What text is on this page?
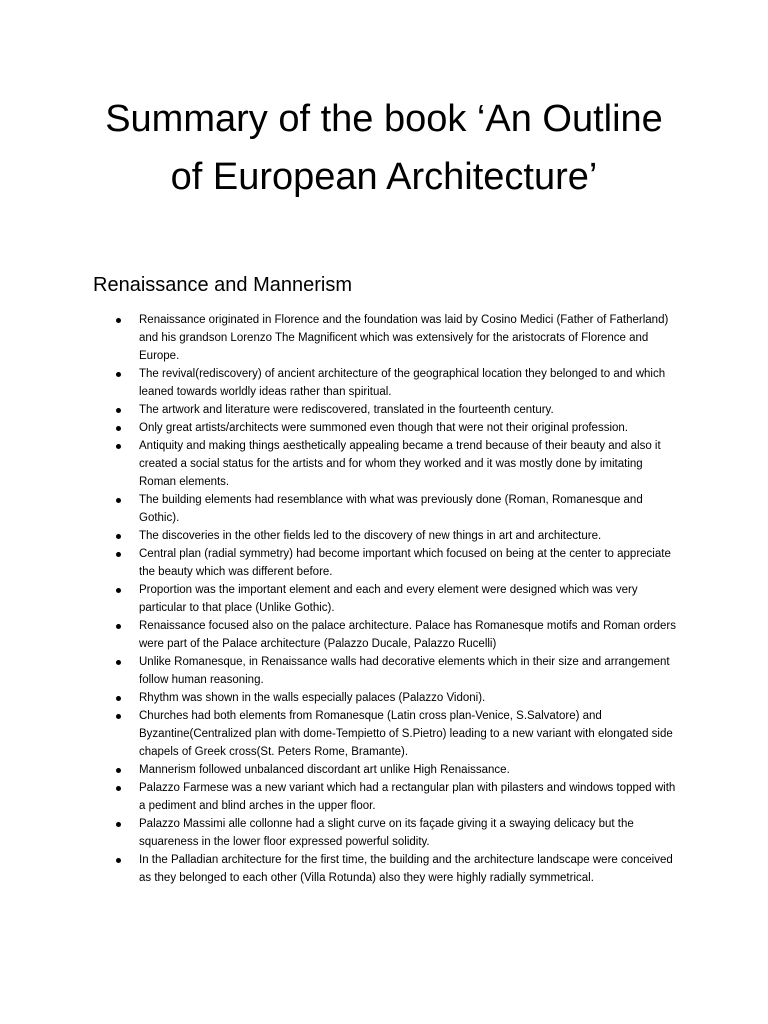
Summary of the book ‘An Outline of European Architecture’
Renaissance and Mannerism
Renaissance originated in Florence and the foundation was laid by Cosino Medici (Father of Fatherland) and his grandson Lorenzo The Magnificent which was extensively for the aristocrats of Florence and Europe.
The revival(rediscovery) of ancient architecture of the geographical location they belonged to and which leaned towards worldly ideas rather than spiritual.
The artwork and literature were rediscovered, translated in the fourteenth century.
Only great artists/architects were summoned even though that were not their original profession.
Antiquity and making things aesthetically appealing became a trend because of their beauty and also it created a social status for the artists and for whom they worked and it was mostly done by imitating Roman elements.
The building elements had resemblance with what was previously done (Roman, Romanesque and Gothic).
The discoveries in the other fields led to the discovery of new things in art and architecture.
Central plan (radial symmetry) had become important which focused on being at the center to appreciate the beauty which was different before.
Proportion was the important element and each and every element were designed which was very particular to that place (Unlike Gothic).
Renaissance focused also on the palace architecture. Palace has Romanesque motifs and Roman orders were part of the Palace architecture (Palazzo Ducale, Palazzo Rucelli)
Unlike Romanesque, in Renaissance walls had decorative elements which in their size and arrangement follow human reasoning.
Rhythm was shown in the walls especially palaces (Palazzo Vidoni).
Churches had both elements from Romanesque (Latin cross plan-Venice, S.Salvatore) and Byzantine(Centralized plan with dome-Tempietto of S.Pietro) leading to a new variant with elongated side chapels of Greek cross(St. Peters Rome, Bramante).
Mannerism followed unbalanced discordant art unlike High Renaissance.
Palazzo Farmese was a new variant which had a rectangular plan with pilasters and windows topped with a pediment and blind arches in the upper floor.
Palazzo Massimi alle collonne had a slight curve on its façade giving it a swaying delicacy but the squareness in the lower floor expressed powerful solidity.
In the Palladian architecture for the first time, the building and the architecture landscape were conceived as they belonged to each other (Villa Rotunda) also they were highly radially symmetrical.
